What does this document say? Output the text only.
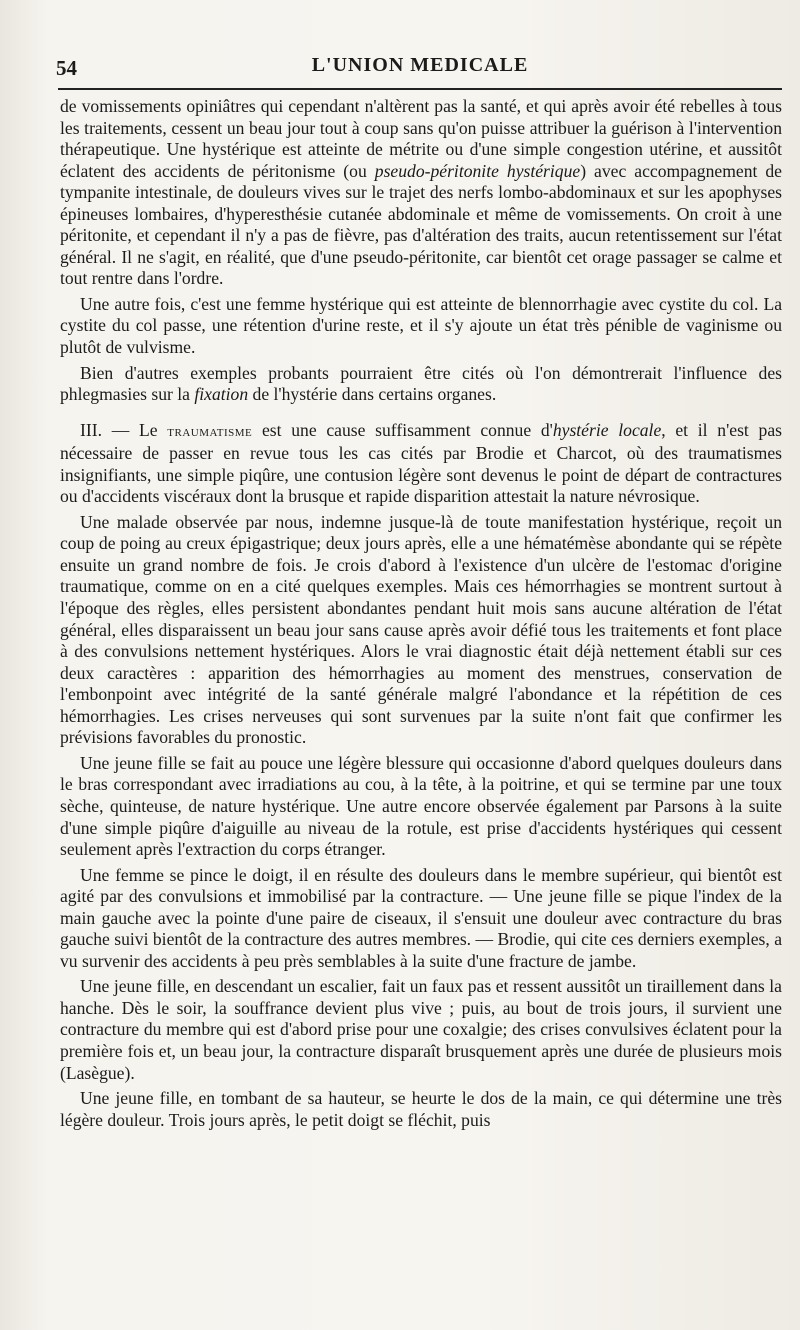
54	L'UNION MEDICALE

de vomissements opiniâtres qui cependant n'altèrent pas la santé, et qui après avoir été rebelles à tous les traitements, cessent un beau jour tout à coup sans qu'on puisse attribuer la guérison à l'intervention thérapeutique. Une hystérique est atteinte de métrite ou d'une simple congestion utérine, et aussitôt éclatent des accidents de péritonisme (ou pseudo-péritonite hystérique) avec accompagnement de tympanite intestinale, de douleurs vives sur le trajet des nerfs lombo-abdominaux et sur les apophyses épineuses lombaires, d'hyperesthésie cutanée abdominale et même de vomissements. On croit à une péritonite, et cependant il n'y a pas de fièvre, pas d'altération des traits, aucun retentissement sur l'état général. Il ne s'agit, en réalité, que d'une pseudo-péritonite, car bientôt cet orage passager se calme et tout rentre dans l'ordre.

Une autre fois, c'est une femme hystérique qui est atteinte de blennorrhagie avec cystite du col. La cystite du col passe, une rétention d'urine reste, et il s'y ajoute un état très pénible de vaginisme ou plutôt de vulvisme.

Bien d'autres exemples probants pourraient être cités où l'on démontrerait l'influence des phlegmasies sur la fixation de l'hystérie dans certains organes.

III. — Le traumatisme est une cause suffisamment connue d'hystérie locale, et il n'est pas nécessaire de passer en revue tous les cas cités par Brodie et Charcot, où des traumatismes insignifiants, une simple piqûre, une contusion légère sont devenus le point de départ de contractures ou d'accidents viscéraux dont la brusque et rapide disparition attestait la nature névrosique.

Une malade observée par nous, indemne jusque-là de toute manifestation hystérique, reçoit un coup de poing au creux épigastrique; deux jours après, elle a une hématémèse abondante qui se répète ensuite un grand nombre de fois. Je crois d'abord à l'existence d'un ulcère de l'estomac d'origine traumatique, comme on en a cité quelques exemples. Mais ces hémorrhagies se montrent surtout à l'époque des règles, elles persistent abondantes pendant huit mois sans aucune altération de l'état général, elles disparaissent un beau jour sans cause après avoir défié tous les traitements et font place à des convulsions nettement hystériques. Alors le vrai diagnostic était déjà nettement établi sur ces deux caractères : apparition des hémorrhagies au moment des menstrues, conservation de l'embonpoint avec intégrité de la santé générale malgré l'abondance et la répétition de ces hémorrhagies. Les crises nerveuses qui sont survenues par la suite n'ont fait que confirmer les prévisions favorables du pronostic.

Une jeune fille se fait au pouce une légère blessure qui occasionne d'abord quelques douleurs dans le bras correspondant avec irradiations au cou, à la tête, à la poitrine, et qui se termine par une toux sèche, quinteuse, de nature hystérique. Une autre encore observée également par Parsons à la suite d'une simple piqûre d'aiguille au niveau de la rotule, est prise d'accidents hystériques qui cessent seulement après l'extraction du corps étranger.

Une femme se pince le doigt, il en résulte des douleurs dans le membre supérieur, qui bientôt est agité par des convulsions et immobilisé par la contracture. — Une jeune fille se pique l'index de la main gauche avec la pointe d'une paire de ciseaux, il s'ensuit une douleur avec contracture du bras gauche suivi bientôt de la contracture des autres membres. — Brodie, qui cite ces derniers exemples, a vu survenir des accidents à peu près semblables à la suite d'une fracture de jambe.

Une jeune fille, en descendant un escalier, fait un faux pas et ressent aussitôt un tiraillement dans la hanche. Dès le soir, la souffrance devient plus vive ; puis, au bout de trois jours, il survient une contracture du membre qui est d'abord prise pour une coxalgie; des crises convulsives éclatent pour la première fois et, un beau jour, la contracture disparaît brusquement après une durée de plusieurs mois (Lasègue).

Une jeune fille, en tombant de sa hauteur, se heurte le dos de la main, ce qui détermine une très légère douleur. Trois jours après, le petit doigt se fléchit, puis
